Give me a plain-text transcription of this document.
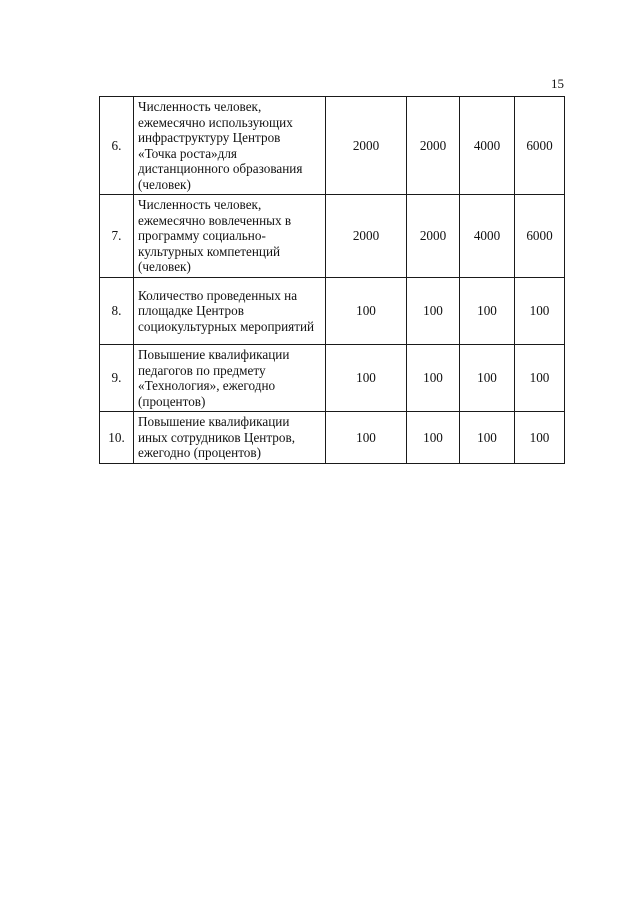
15
6.	Численность человек, ежемесячно использующих инфраструктуру Центров «Точка роста»для дистанционного образования (человек)	2000	2000	4000	6000
7.	Численность человек, ежемесячно вовлеченных в программу социально-культурных компетенций (человек)	2000	2000	4000	6000
8.	Количество проведенных на площадке Центров социокультурных мероприятий	100	100	100	100
9.	Повышение квалификации педагогов по предмету «Технология», ежегодно (процентов)	100	100	100	100
10.	Повышение квалификации иных сотрудников Центров, ежегодно (процентов)	100	100	100	100
